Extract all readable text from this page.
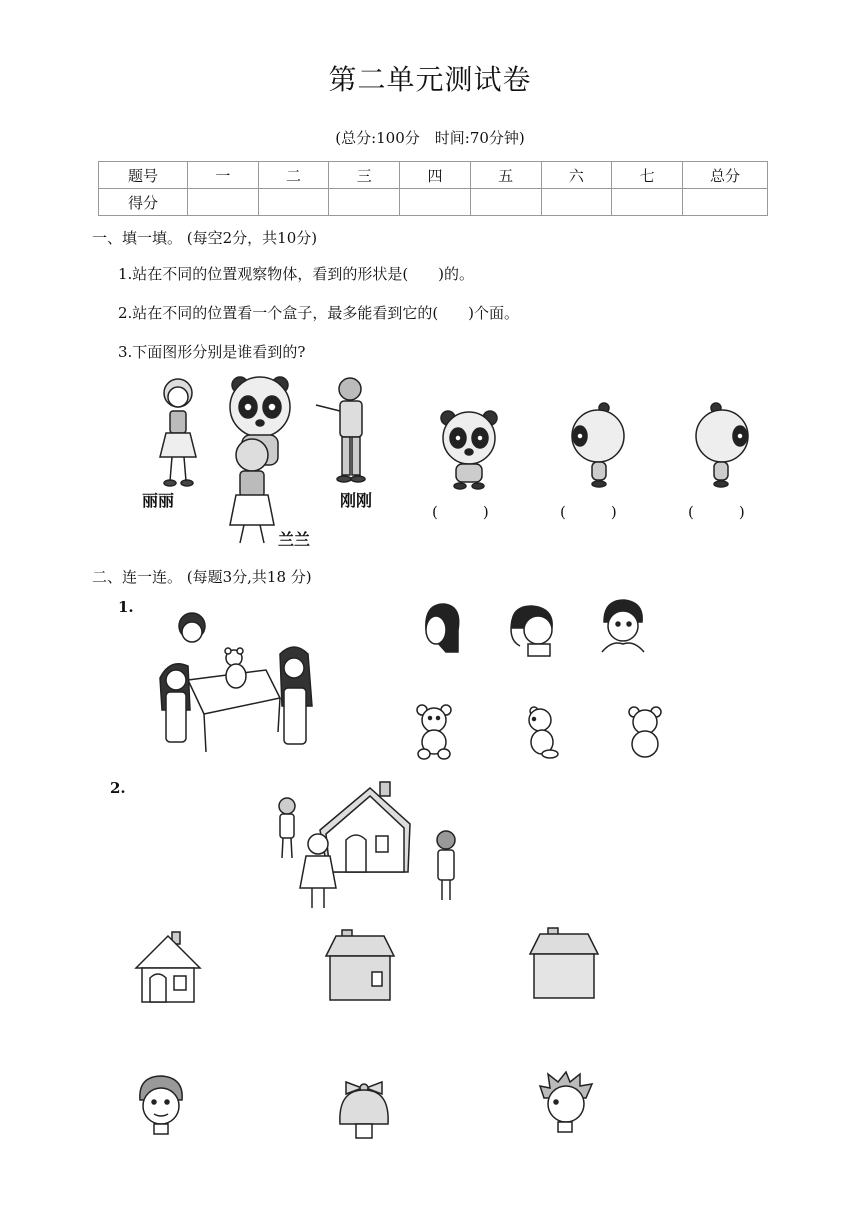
第二单元测试卷
(总分:100分　时间:70分钟)
题号	一	二	三	四	五	六	七	总分
得分								
一、填一填。 (每空2分，共10分)
1.站在不同的位置观察物体，看到的形状是(　　)的。
2.站在不同的位置看一个盒子，最多能看到它的(　　)个面。
3.下面图形分别是谁看到的?
丽丽
兰兰
刚刚
(　　　)	(　　　)	(　　　)
二、连一连。 (每题3分,共18 分)
1.
2.
